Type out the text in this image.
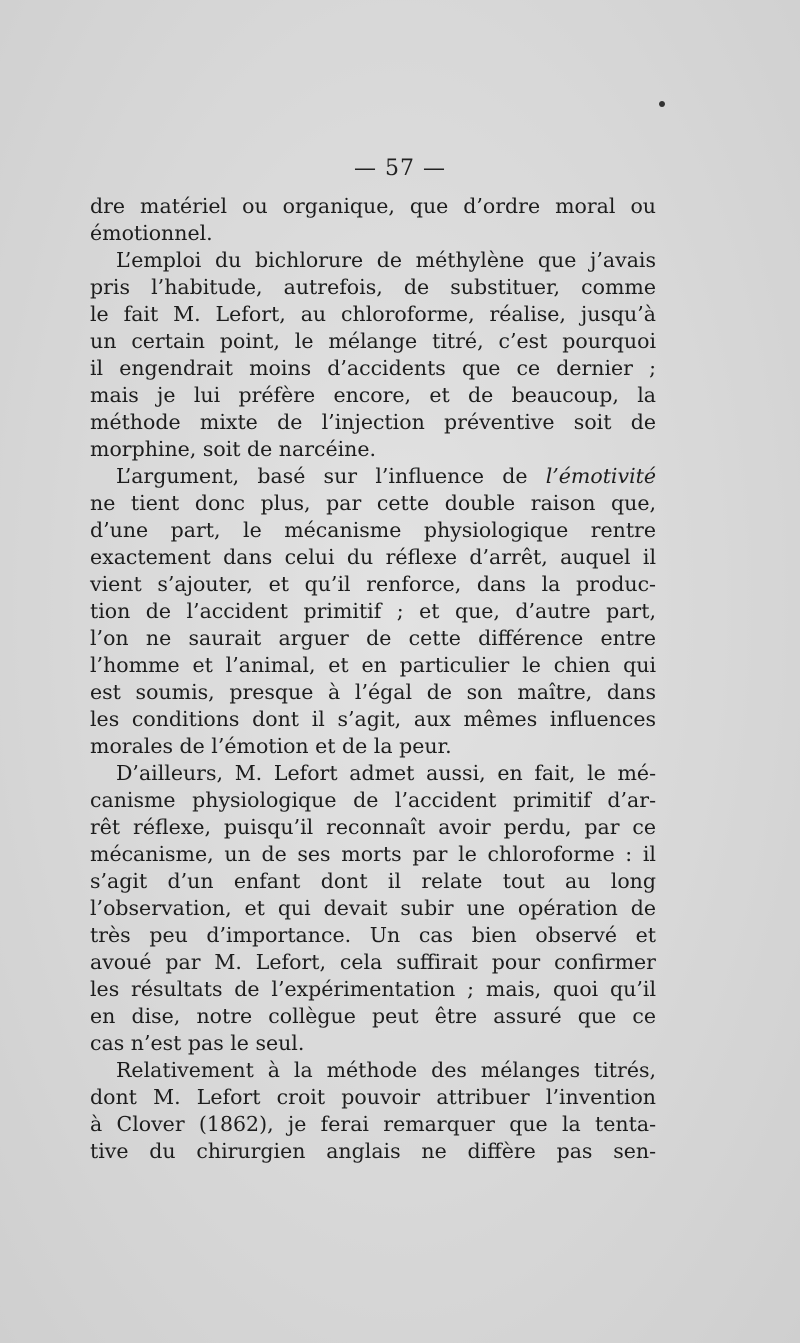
— 57 —

dre matériel ou organique, que d’ordre moral ou
émotionnel.

L’emploi du bichlorure de méthylène que j’avais
pris l’habitude, autrefois, de substituer, comme
le fait M. Lefort, au chloroforme, réalise, jusqu’à
un certain point, le mélange titré, c’est pourquoi
il engendrait moins d’accidents que ce dernier ;
mais je lui préfère encore, et de beaucoup, la
méthode mixte de l’injection préventive soit de
morphine, soit de narcéine.

L’argument, basé sur l’influence de l’émotivité
ne tient donc plus, par cette double raison que,
d’une part, le mécanisme physiologique rentre
exactement dans celui du réflexe d’arrêt, auquel il
vient s’ajouter, et qu’il renforce, dans la produc-
tion de l’accident primitif ; et que, d’autre part,
l’on ne saurait arguer de cette différence entre
l’homme et l’animal, et en particulier le chien qui
est soumis, presque à l’égal de son maître, dans
les conditions dont il s’agit, aux mêmes influences
morales de l’émotion et de la peur.

D’ailleurs, M. Lefort admet aussi, en fait, le mé-
canisme physiologique de l’accident primitif d’ar-
rêt réflexe, puisqu’il reconnaît avoir perdu, par ce
mécanisme, un de ses morts par le chloroforme : il
s’agit d’un enfant dont il relate tout au long
l’observation, et qui devait subir une opération de
très peu d’importance. Un cas bien observé et
avoué par M. Lefort, cela suffirait pour confirmer
les résultats de l’expérimentation ; mais, quoi qu’il
en dise, notre collègue peut être assuré que ce
cas n’est pas le seul.

Relativement à la méthode des mélanges titrés,
dont M. Lefort croit pouvoir attribuer l’invention
à Clover (1862), je ferai remarquer que la tenta-
tive du chirurgien anglais ne diffère pas sen-
